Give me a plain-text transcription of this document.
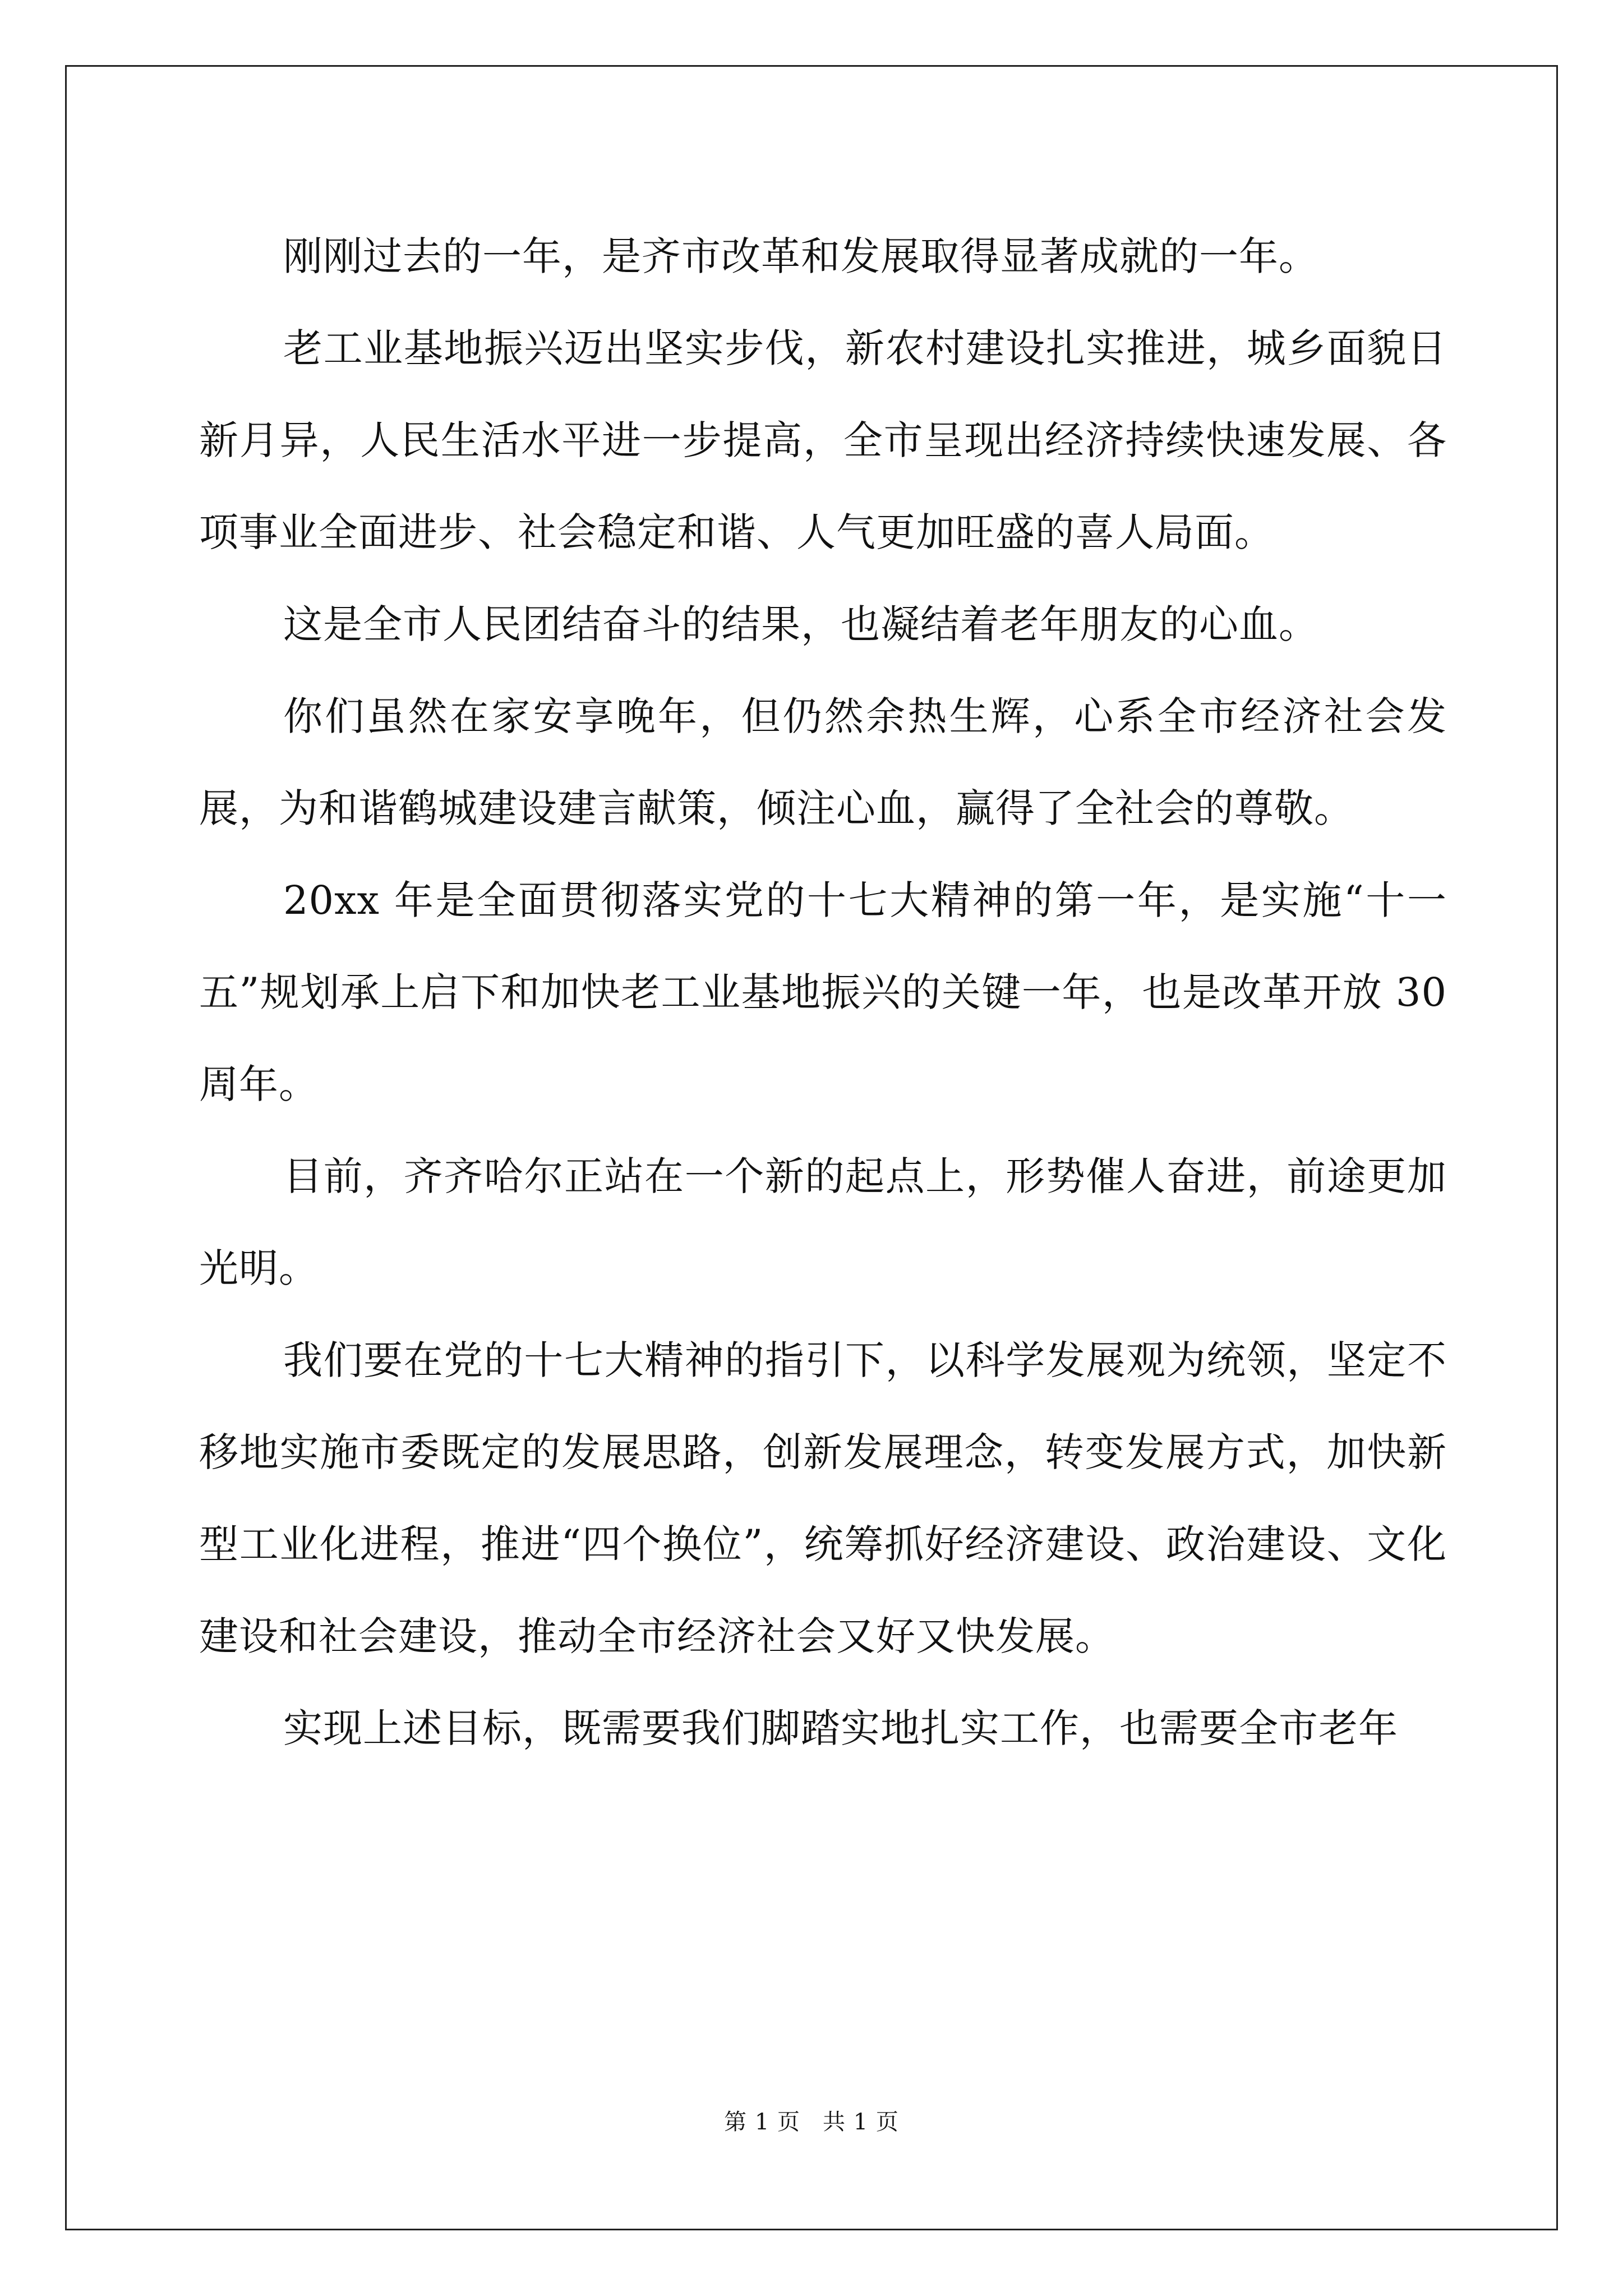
刚刚过去的一年，是齐市改革和发展取得显著成就的一年。

老工业基地振兴迈出坚实步伐，新农村建设扎实推进，城乡面貌日新月异，人民生活水平进一步提高，全市呈现出经济持续快速发展、各项事业全面进步、社会稳定和谐、人气更加旺盛的喜人局面。

这是全市人民团结奋斗的结果，也凝结着老年朋友的心血。

你们虽然在家安享晚年，但仍然余热生辉，心系全市经济社会发展，为和谐鹤城建设建言献策，倾注心血，赢得了全社会的尊敬。

20xx 年是全面贯彻落实党的十七大精神的第一年，是实施“十一五”规划承上启下和加快老工业基地振兴的关键一年，也是改革开放 30 周年。

目前，齐齐哈尔正站在一个新的起点上，形势催人奋进，前途更加光明。

我们要在党的十七大精神的指引下，以科学发展观为统领，坚定不移地实施市委既定的发展思路，创新发展理念，转变发展方式，加快新型工业化进程，推进“四个换位”，统筹抓好经济建设、政治建设、文化建设和社会建设，推动全市经济社会又好又快发展。

实现上述目标，既需要我们脚踏实地扎实工作，也需要全市老年

第 1 页 共 1 页
